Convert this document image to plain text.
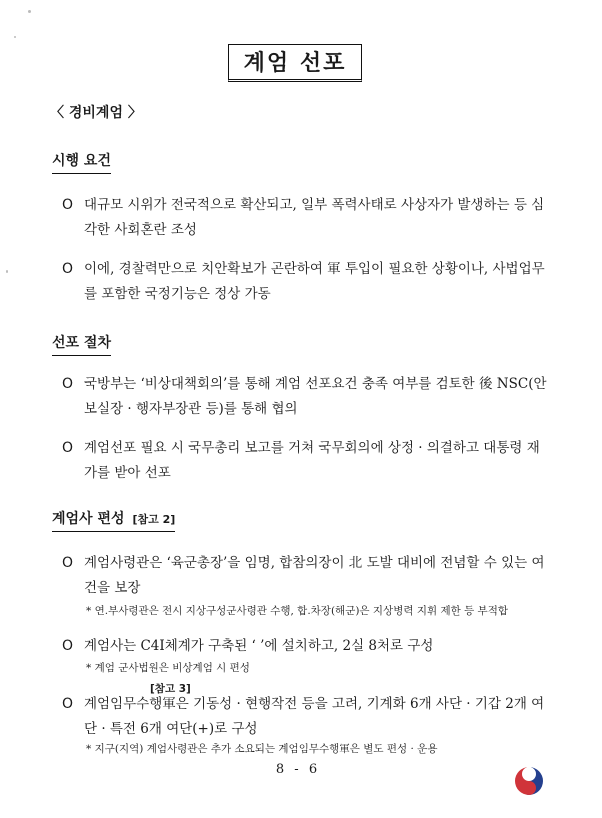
계엄 선포
〈 경비계엄 〉
시행 요건
O 대규모 시위가 전국적으로 확산되고, 일부 폭력사태로 사상자가 발생하는 등 심각한 사회혼란 조성
O 이에, 경찰력만으로 치안확보가 곤란하여 軍 투입이 필요한 상황이나, 사법업무를 포함한 국정기능은 정상 가동
선포 절차
O 국방부는 ‘비상대책회의’를 통해 계엄 선포요건 충족 여부를 검토한 後 NSC(안보실장 · 행자부장관 등)를 통해 협의
O 계엄선포 필요 시 국무총리 보고를 거쳐 국무회의에 상정 · 의결하고 대통령 재가를 받아 선포
계엄사 편성 [참고 2]
O 계엄사령관은 ‘육군총장’을 임명, 합참의장이 北 도발 대비에 전념할 수 있는 여건을 보장
* 연.부사령관은 전시 지상구성군사령관 수행, 합.차장(해군)은 지상병력 지휘 제한 등 부적합
O 계엄사는 C4I체계가 구축된 ‘ ’에 설치하고, 2실 8처로 구성
* 계엄 군사법원은 비상계엄 시 편성
[참고 3]
O 계엄임무수행軍은 기동성 · 현행작전 등을 고려, 기계화 6개 사단 · 기갑 2개 여단 · 특전 6개 여단(+)로 구성
* 지구(지역) 계엄사령관은 추가 소요되는 계엄임무수행軍은 별도 편성 · 운용
8 - 6
